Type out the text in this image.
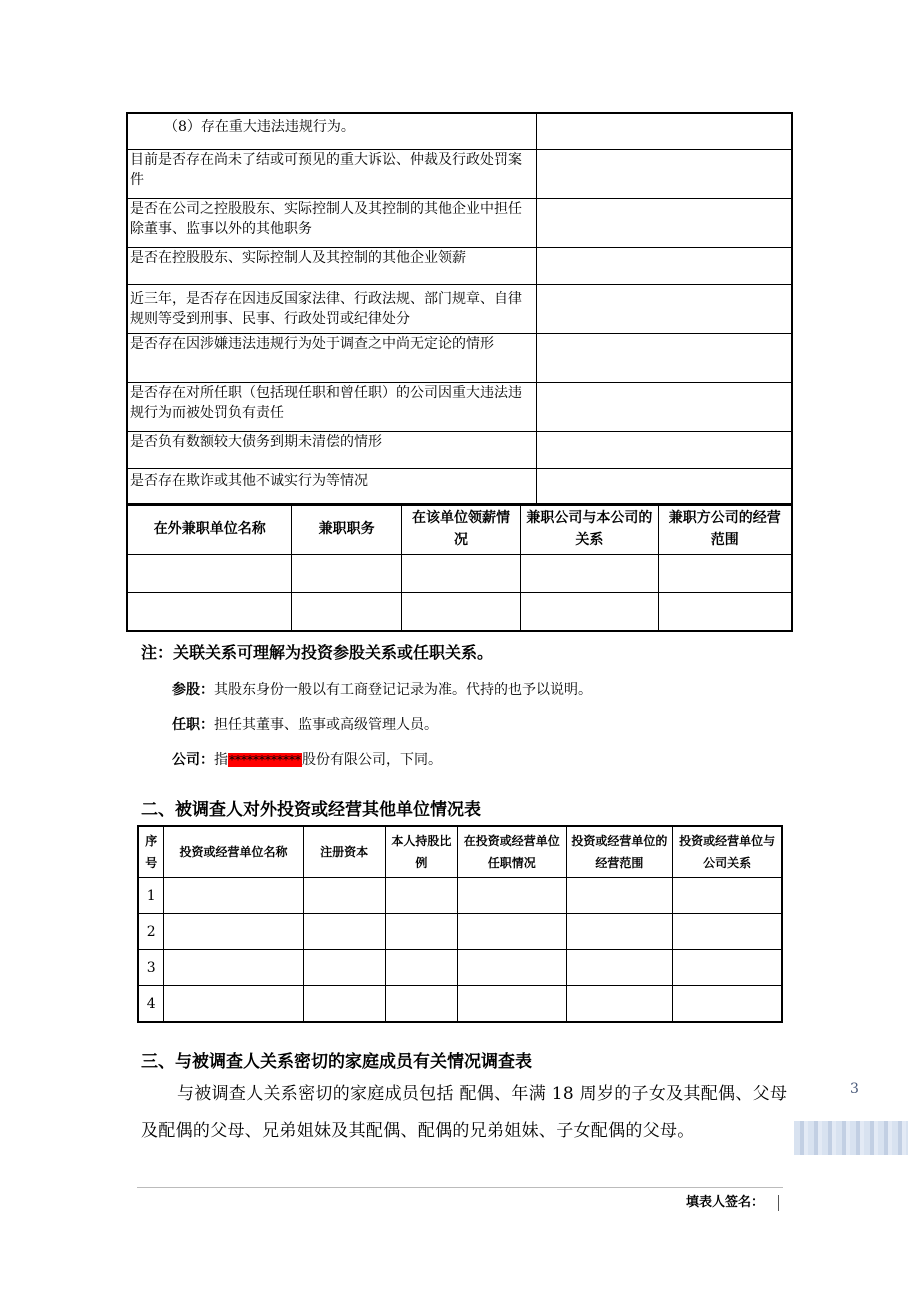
（8）存在重大违法违规行为。	
目前是否存在尚未了结或可预见的重大诉讼、仲裁及行政处罚案件	
是否在公司之控股股东、实际控制人及其控制的其他企业中担任除董事、监事以外的其他职务	
是否在控股股东、实际控制人及其控制的其他企业领薪	
近三年，是否存在因违反国家法律、行政法规、部门规章、自律规则等受到刑事、民事、行政处罚或纪律处分	
是否存在因涉嫌违法违规行为处于调查之中尚无定论的情形	
是否存在对所任职（包括现任职和曾任职）的公司因重大违法违规行为而被处罚负有责任	
是否负有数额较大债务到期未清偿的情形	
是否存在欺诈或其他不诚实行为等情况	
在外兼职单位名称	兼职职务	在该单位领薪情况	兼职公司与本公司的关系	兼职方公司的经营范围

注：关联关系可理解为投资参股关系或任职关系。
参股：其股东身份一般以有工商登记记录为准。代持的也予以说明。
任职：担任其董事、监事或高级管理人员。
公司：指************股份有限公司，下同。
二、被调查人对外投资或经营其他单位情况表
序号	投资或经营单位名称	注册资本	本人持股比例	在投资或经营单位任职情况	投资或经营单位的经营范围	投资或经营单位与公司关系
1						
2						
3						
4						
三、与被调查人关系密切的家庭成员有关情况调查表
与被调查人关系密切的家庭成员包括 配偶、年满 18 周岁的子女及其配偶、父母及配偶的父母、兄弟姐妹及其配偶、配偶的兄弟姐妹、子女配偶的父母。
3
填表人签名：
